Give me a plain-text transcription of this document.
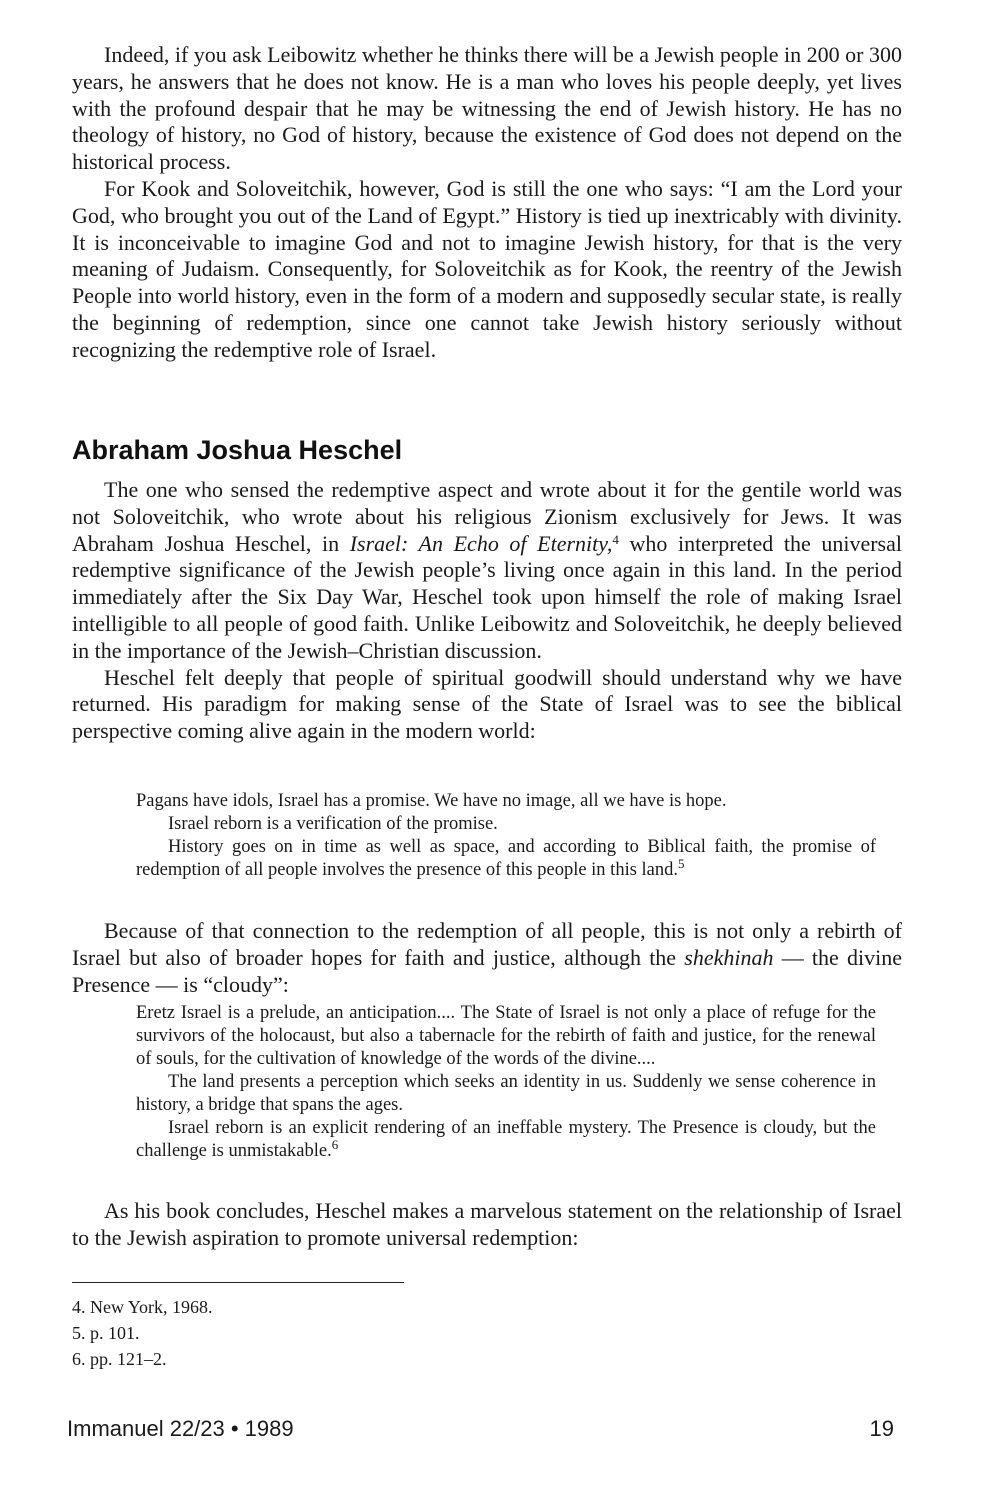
Indeed, if you ask Leibowitz whether he thinks there will be a Jewish people in 200 or 300 years, he answers that he does not know. He is a man who loves his people deeply, yet lives with the profound despair that he may be witnessing the end of Jewish history. He has no theology of history, no God of history, because the existence of God does not depend on the historical process.

For Kook and Soloveitchik, however, God is still the one who says: “I am the Lord your God, who brought you out of the Land of Egypt.” History is tied up inextricably with divinity. It is inconceivable to imagine God and not to imagine Jewish history, for that is the very meaning of Judaism. Consequently, for Soloveitchik as for Kook, the reentry of the Jewish People into world history, even in the form of a modern and supposedly secular state, is really the beginning of redemption, since one cannot take Jewish history seriously without recognizing the redemptive role of Israel.

Abraham Joshua Heschel

The one who sensed the redemptive aspect and wrote about it for the gentile world was not Soloveitchik, who wrote about his religious Zionism exclusively for Jews. It was Abraham Joshua Heschel, in Israel: An Echo of Eternity,$^4$ who interpreted the universal redemptive significance of the Jewish people’s living once again in this land. In the period immediately after the Six Day War, Heschel took upon himself the role of making Israel intelligible to all people of good faith. Unlike Leibowitz and Soloveitchik, he deeply believed in the importance of the Jewish–Christian discussion.

Heschel felt deeply that people of spiritual goodwill should understand why we have returned. His paradigm for making sense of the State of Israel was to see the biblical perspective coming alive again in the modern world:

Pagans have idols, Israel has a promise. We have no image, all we have is hope.

Israel reborn is a verification of the promise.

History goes on in time as well as space, and according to Biblical faith, the promise of redemption of all people involves the presence of this people in this land.$^5$

Because of that connection to the redemption of all people, this is not only a rebirth of Israel but also of broader hopes for faith and justice, although the shekhinah — the divine Presence — is “cloudy”:

Eretz Israel is a prelude, an anticipation.... The State of Israel is not only a place of refuge for the survivors of the holocaust, but also a tabernacle for the rebirth of faith and justice, for the renewal of souls, for the cultivation of knowledge of the words of the divine....

The land presents a perception which seeks an identity in us. Suddenly we sense coherence in history, a bridge that spans the ages.

Israel reborn is an explicit rendering of an ineffable mystery. The Presence is cloudy, but the challenge is unmistakable.$^6$

As his book concludes, Heschel makes a marvelous statement on the relationship of Israel to the Jewish aspiration to promote universal redemption:

4. New York, 1968.
5. p. 101.
6. pp. 121–2.
Immanuel 22/23 • 1989	19
